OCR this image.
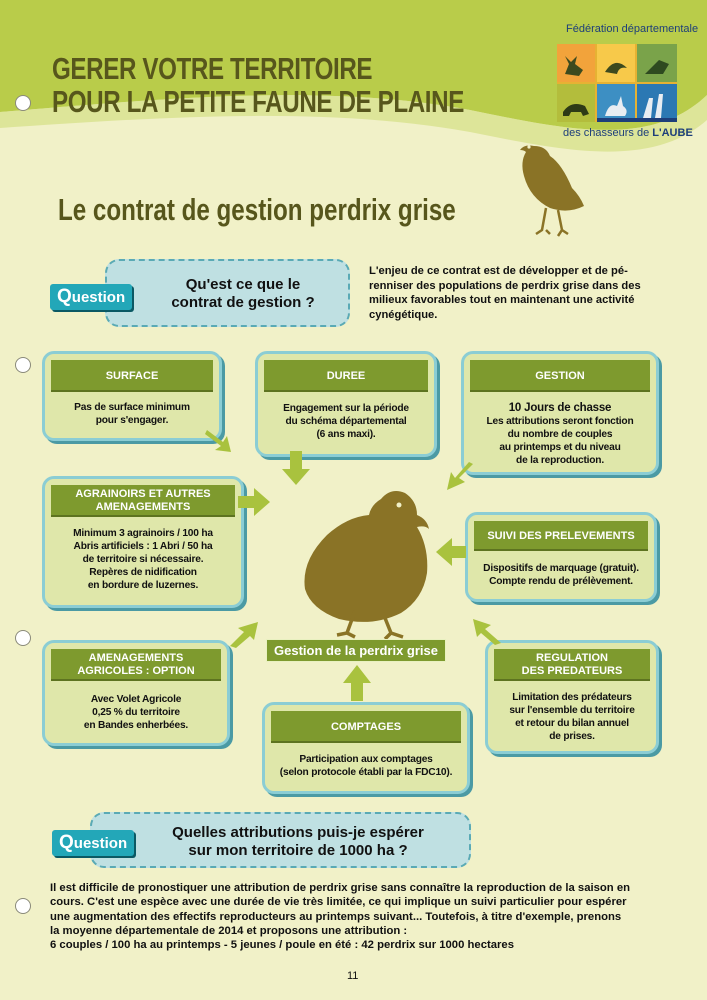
GERER VOTRE TERRITOIRE
POUR LA PETITE FAUNE DE PLAINE
Fédération départementale
des chasseurs de L'AUBE
Le contrat de gestion perdrix grise
Qu'est ce que le
contrat de gestion ?
Question
L'enjeu de ce contrat est de développer et de pé-
renniser des populations de perdrix grise dans des
milieux favorables tout en maintenant une activité
cynégétique.
SURFACE
Pas de surface minimum
pour s'engager.
DUREE
Engagement sur la période
du schéma départemental
(6 ans maxi).
GESTION
10 Jours de chasse
Les attributions seront fonction
du nombre de couples
au printemps et du niveau
de la reproduction.
AGRAINOIRS ET AUTRES
AMENAGEMENTS
Minimum 3 agrainoirs / 100 ha
Abris artificiels : 1 Abri / 50 ha
de territoire si nécessaire.
Repères de nidification
en bordure de luzernes.
SUIVI DES PRELEVEMENTS
Dispositifs de marquage (gratuit).
Compte rendu de prélèvement.
AMENAGEMENTS
AGRICOLES : OPTION
Avec Volet Agricole
0,25 % du territoire
en Bandes enherbées.	COMPTAGES
Participation aux comptages
(selon protocole établi par la FDC10).
REGULATION
DES PREDATEURS
Limitation des prédateurs
sur l'ensemble du territoire
et retour du bilan annuel
de prises.
Gestion de la perdrix grise
Quelles attributions puis-je espérer
sur mon territoire de 1000 ha ?
Question
Il est difficile de pronostiquer une attribution de perdrix grise sans connaître la reproduction de la saison en
cours. C'est une espèce avec une durée de vie très limitée, ce qui implique un suivi particulier pour espérer
une augmentation des effectifs reproducteurs au printemps suivant... Toutefois, à titre d'exemple, prenons
la moyenne départementale de 2014 et proposons une attribution :
6 couples / 100 ha au printemps - 5 jeunes / poule en été : 42 perdrix sur 1000 hectares
11
